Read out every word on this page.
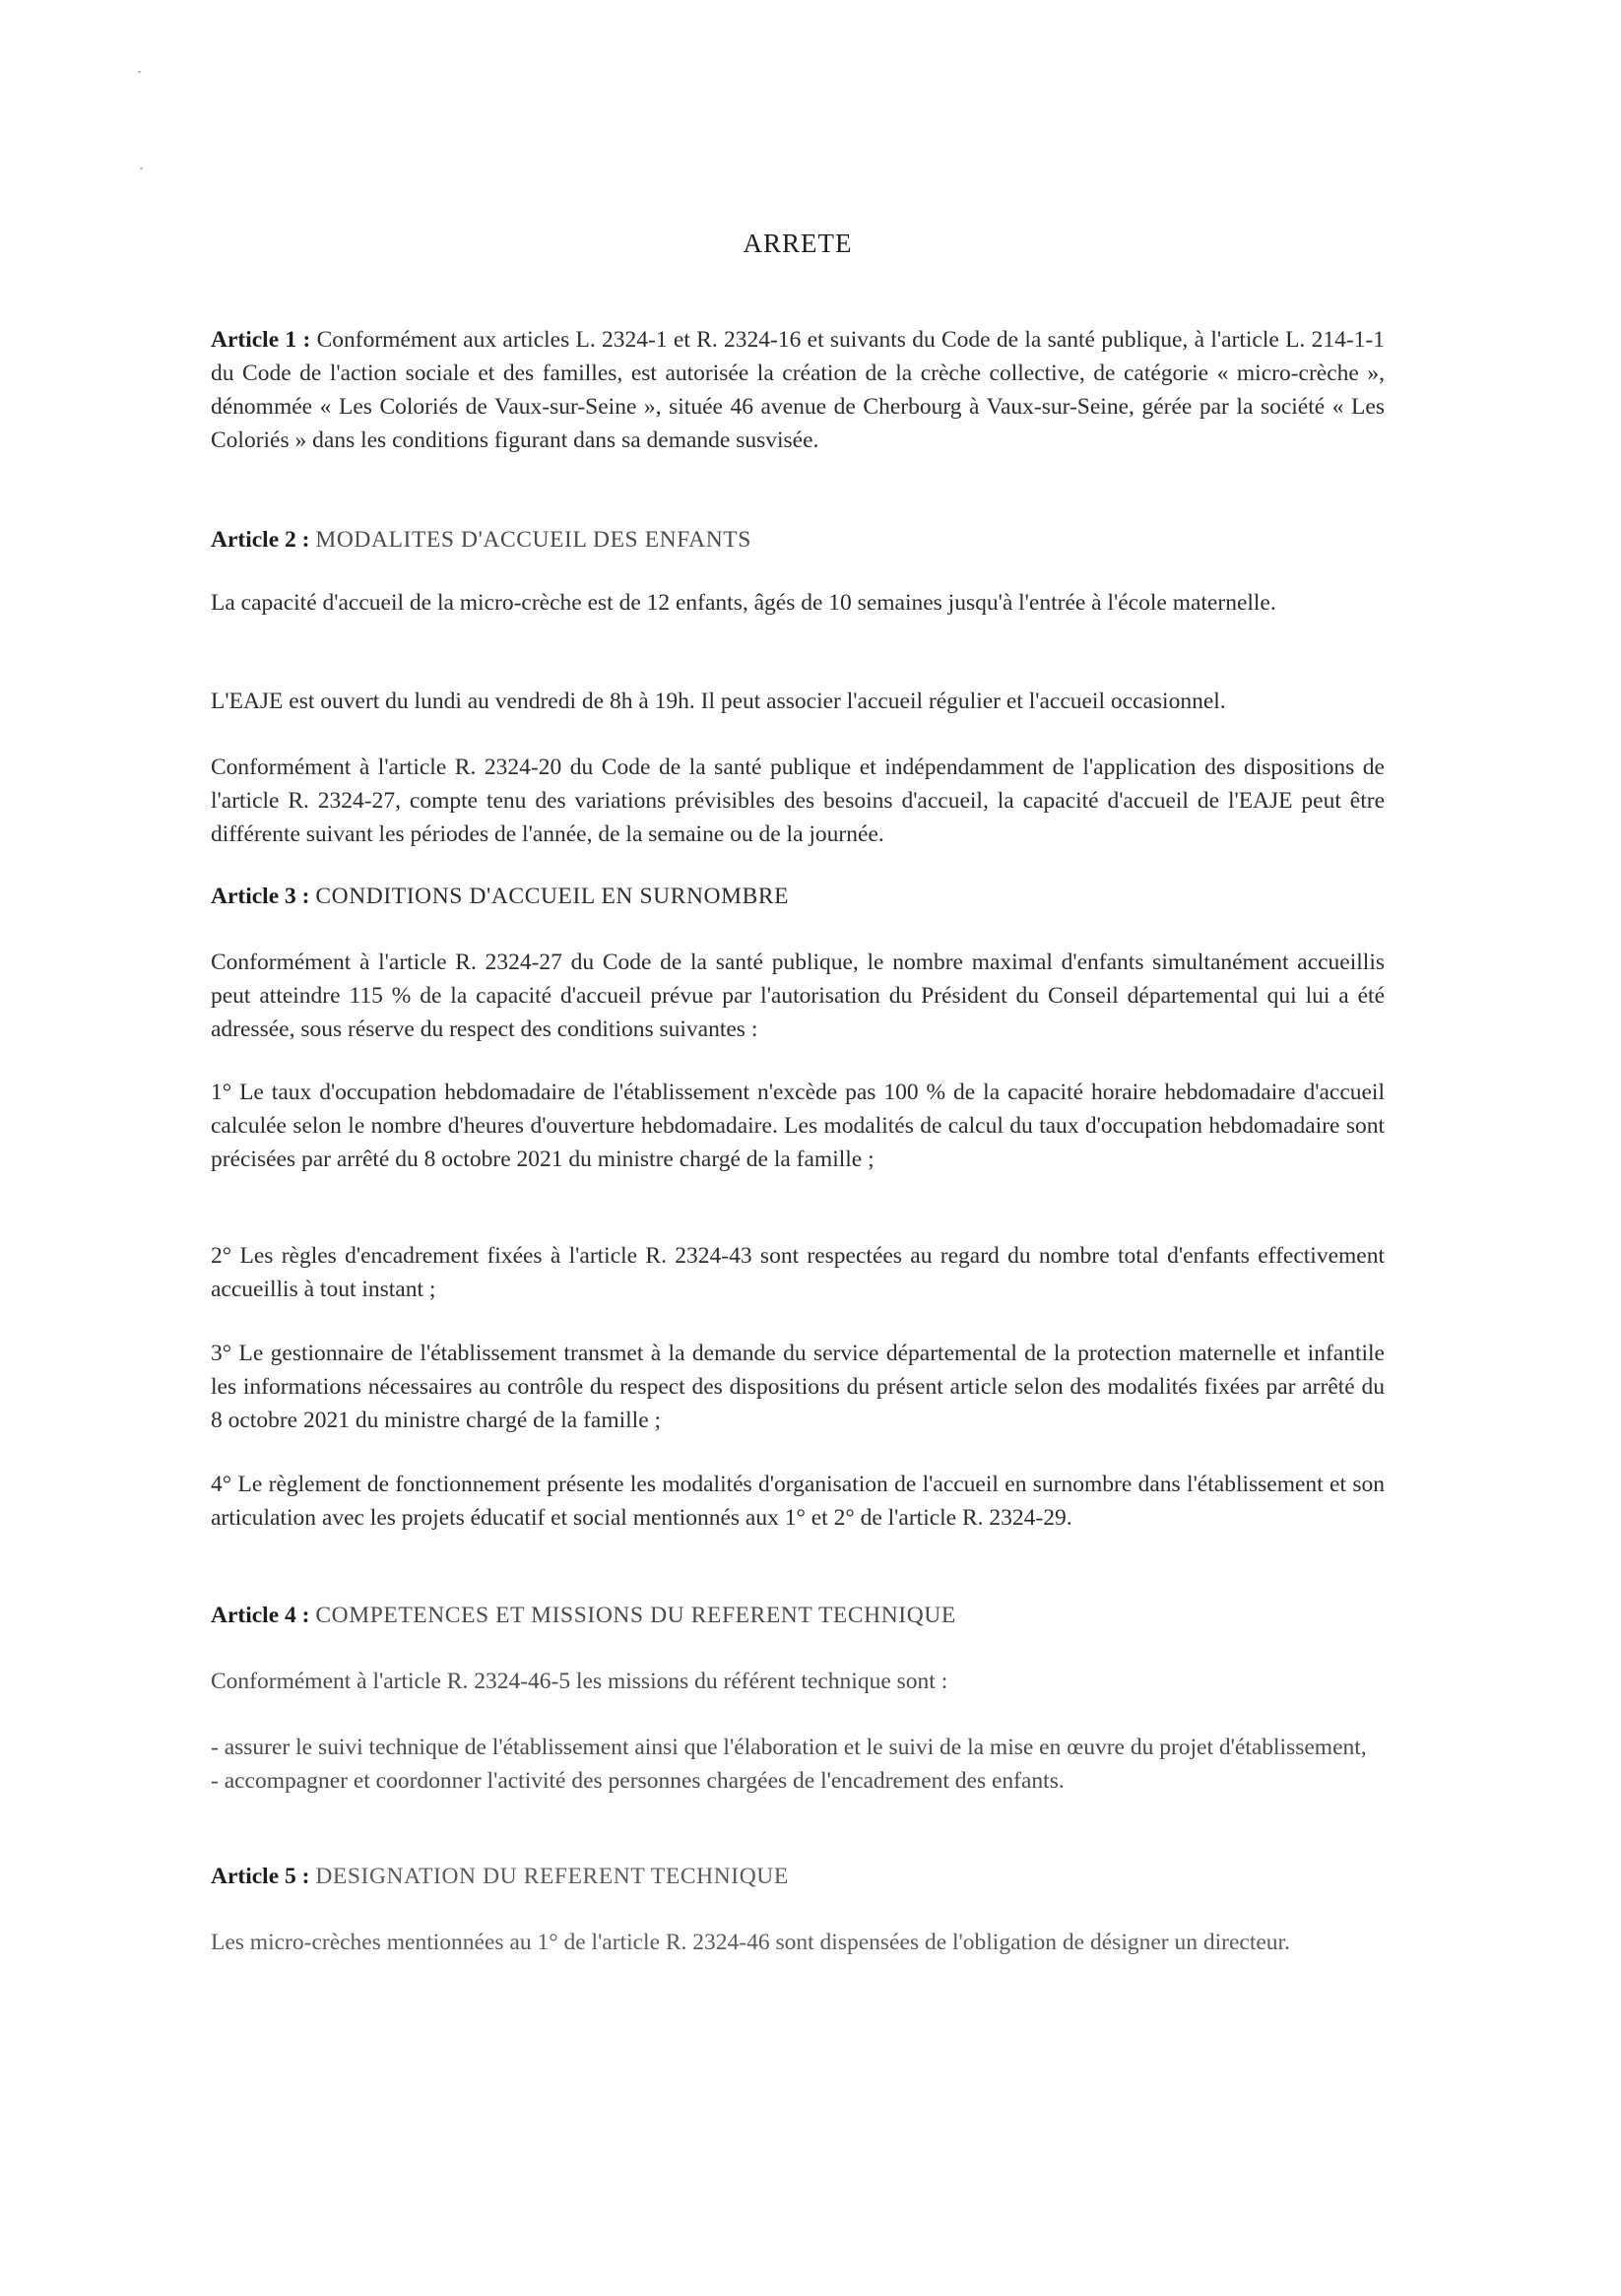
ARRETE
Article 1 : Conformément aux articles L. 2324-1 et R. 2324-16 et suivants du Code de la santé publique, à l'article L. 214-1-1 du Code de l'action sociale et des familles, est autorisée la création de la crèche collective, de catégorie « micro-crèche », dénommée « Les Coloriés de Vaux-sur-Seine », située 46 avenue de Cherbourg à Vaux-sur-Seine, gérée par la société « Les Coloriés » dans les conditions figurant dans sa demande susvisée.
Article 2 : MODALITES D'ACCUEIL DES ENFANTS
La capacité d'accueil de la micro-crèche est de 12 enfants, âgés de 10 semaines jusqu'à l'entrée à l'école maternelle.
L'EAJE est ouvert du lundi au vendredi de 8h à 19h. Il peut associer l'accueil régulier et l'accueil occasionnel.
Conformément à l'article R. 2324-20 du Code de la santé publique et indépendamment de l'application des dispositions de l'article R. 2324-27, compte tenu des variations prévisibles des besoins d'accueil, la capacité d'accueil de l'EAJE peut être différente suivant les périodes de l'année, de la semaine ou de la journée.
Article 3 : CONDITIONS D'ACCUEIL EN SURNOMBRE
Conformément à l'article R. 2324-27 du Code de la santé publique, le nombre maximal d'enfants simultanément accueillis peut atteindre 115 % de la capacité d'accueil prévue par l'autorisation du Président du Conseil départemental qui lui a été adressée, sous réserve du respect des conditions suivantes :
1° Le taux d'occupation hebdomadaire de l'établissement n'excède pas 100 % de la capacité horaire hebdomadaire d'accueil calculée selon le nombre d'heures d'ouverture hebdomadaire. Les modalités de calcul du taux d'occupation hebdomadaire sont précisées par arrêté du 8 octobre 2021 du ministre chargé de la famille ;
2° Les règles d'encadrement fixées à l'article R. 2324-43 sont respectées au regard du nombre total d'enfants effectivement accueillis à tout instant ;
3° Le gestionnaire de l'établissement transmet à la demande du service départemental de la protection maternelle et infantile les informations nécessaires au contrôle du respect des dispositions du présent article selon des modalités fixées par arrêté du 8 octobre 2021 du ministre chargé de la famille ;
4° Le règlement de fonctionnement présente les modalités d'organisation de l'accueil en surnombre dans l'établissement et son articulation avec les projets éducatif et social mentionnés aux 1° et 2° de l'article R. 2324-29.
Article 4 : COMPETENCES ET MISSIONS DU REFERENT TECHNIQUE
Conformément à l'article R. 2324-46-5 les missions du référent technique sont :
- assurer le suivi technique de l'établissement ainsi que l'élaboration et le suivi de la mise en œuvre du projet d'établissement,
- accompagner et coordonner l'activité des personnes chargées de l'encadrement des enfants.
Article 5 : DESIGNATION DU REFERENT TECHNIQUE
Les micro-crèches mentionnées au 1° de l'article R. 2324-46 sont dispensées de l'obligation de désigner un directeur.
